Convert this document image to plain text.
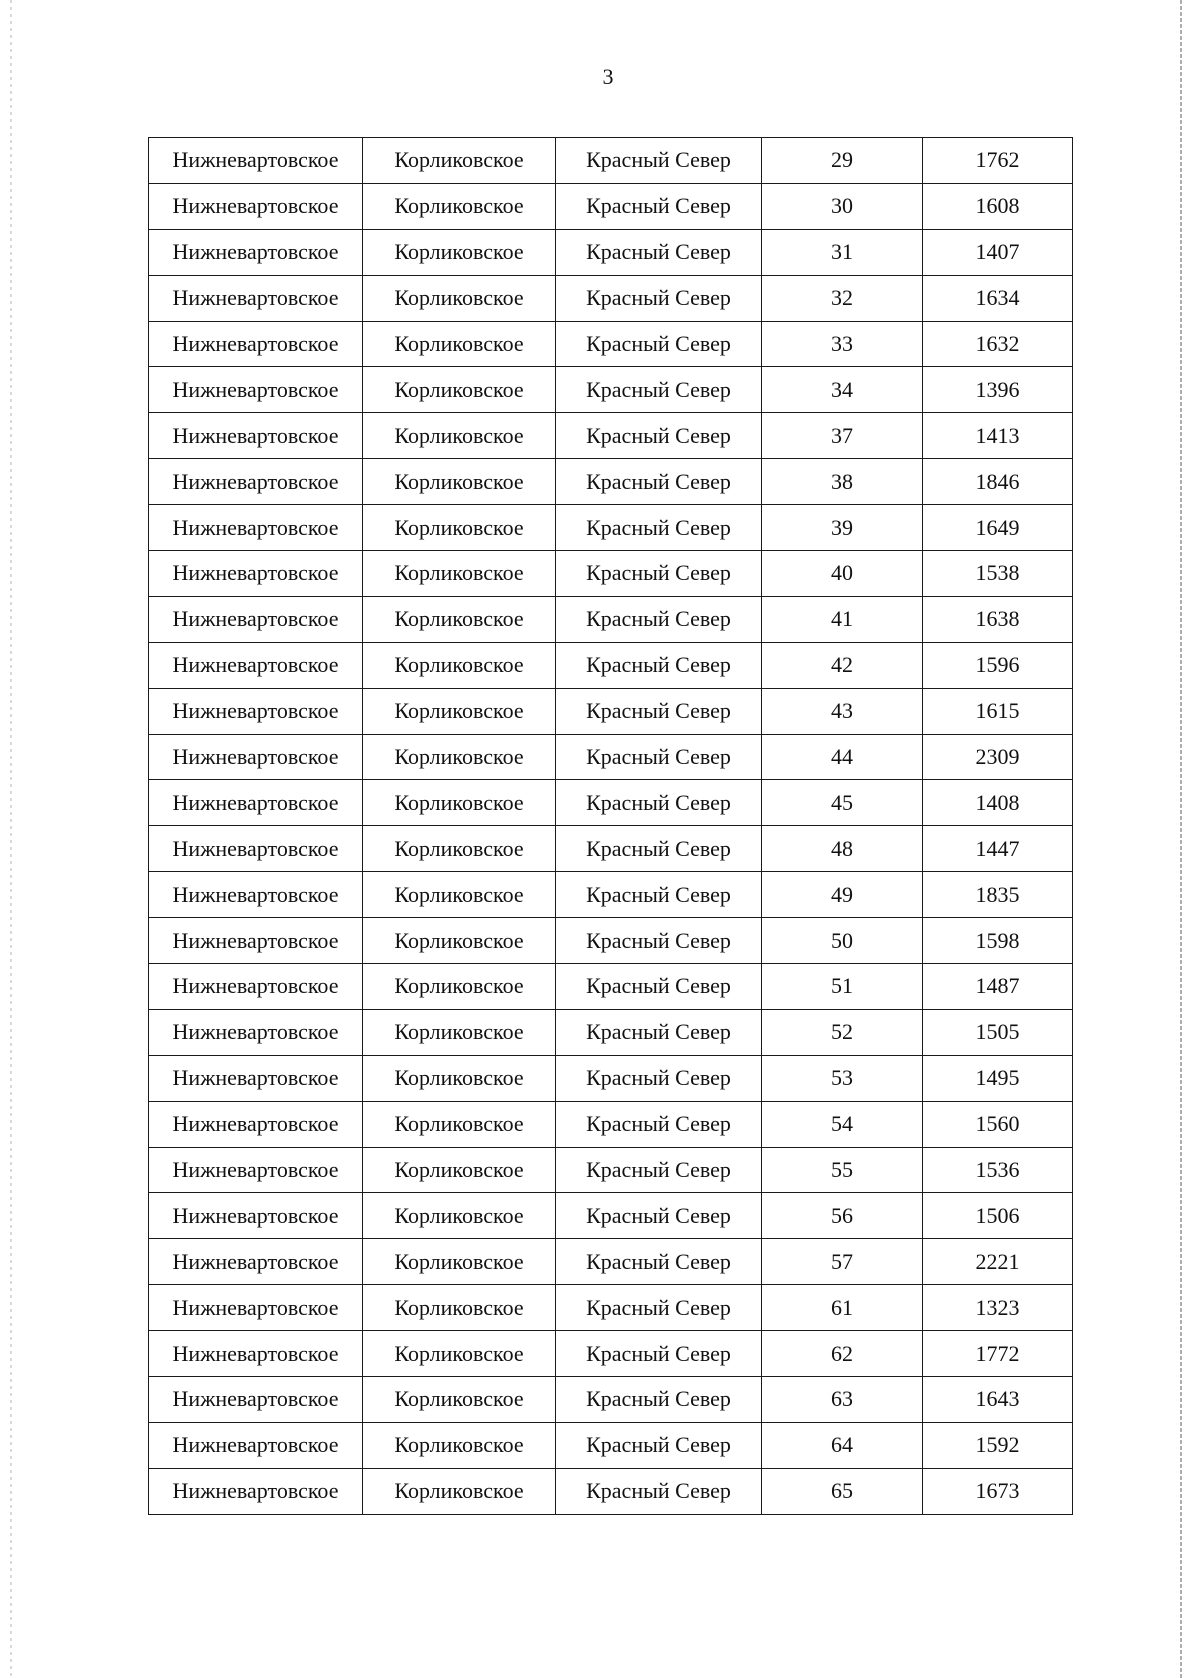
3
Нижневартовское	Корликовское	Красный Север	29	1762
Нижневартовское	Корликовское	Красный Север	30	1608
Нижневартовское	Корликовское	Красный Север	31	1407
Нижневартовское	Корликовское	Красный Север	32	1634
Нижневартовское	Корликовское	Красный Север	33	1632
Нижневартовское	Корликовское	Красный Север	34	1396
Нижневартовское	Корликовское	Красный Север	37	1413
Нижневартовское	Корликовское	Красный Север	38	1846
Нижневартовское	Корликовское	Красный Север	39	1649
Нижневартовское	Корликовское	Красный Север	40	1538
Нижневартовское	Корликовское	Красный Север	41	1638
Нижневартовское	Корликовское	Красный Север	42	1596
Нижневартовское	Корликовское	Красный Север	43	1615
Нижневартовское	Корликовское	Красный Север	44	2309
Нижневартовское	Корликовское	Красный Север	45	1408
Нижневартовское	Корликовское	Красный Север	48	1447
Нижневартовское	Корликовское	Красный Север	49	1835
Нижневартовское	Корликовское	Красный Север	50	1598
Нижневартовское	Корликовское	Красный Север	51	1487
Нижневартовское	Корликовское	Красный Север	52	1505
Нижневартовское	Корликовское	Красный Север	53	1495
Нижневартовское	Корликовское	Красный Север	54	1560
Нижневартовское	Корликовское	Красный Север	55	1536
Нижневартовское	Корликовское	Красный Север	56	1506
Нижневартовское	Корликовское	Красный Север	57	2221
Нижневартовское	Корликовское	Красный Север	61	1323
Нижневартовское	Корликовское	Красный Север	62	1772
Нижневартовское	Корликовское	Красный Север	63	1643
Нижневартовское	Корликовское	Красный Север	64	1592
Нижневартовское	Корликовское	Красный Север	65	1673
